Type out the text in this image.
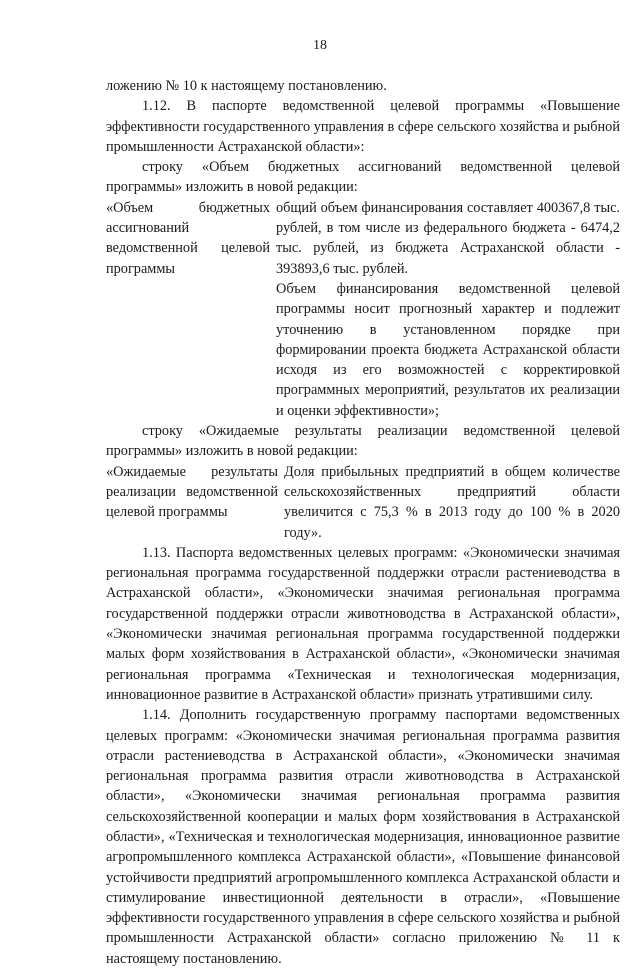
18

ложению № 10 к настоящему постановлению.

1.12. В паспорте ведомственной целевой программы «Повышение эффективности государственного управления в сфере сельского хозяйства и рыбной промышленности Астраханской области»:

строку «Объем бюджетных ассигнований ведомственной целевой программы» изложить в новой редакции:

«Объем бюджетных ассигнований ведомственной целевой программы

общий объем финансирования составляет 400367,8 тыс. рублей, в том числе из федерального бюджета - 6474,2 тыс. рублей, из бюджета Астраханской области - 393893,6 тыс. рублей.

Объем финансирования ведомственной целевой программы носит прогнозный характер и подлежит уточнению в установленном порядке при формировании проекта бюджета Астраханской области исходя из его возможностей с корректировкой программных мероприятий, результатов их реализации и оценки эффективности»;

строку «Ожидаемые результаты реализации ведомственной целевой программы» изложить в новой редакции:

«Ожидаемые результаты реализации ведомственной целевой программы
Доля прибыльных предприятий в общем количестве сельскохозяйственных предприятий области увеличится с 75,3 % в 2013 году до 100 % в 2020 году».

1.13. Паспорта ведомственных целевых программ: «Экономически значимая региональная программа государственной поддержки отрасли растениеводства в Астраханской области», «Экономически значимая региональная программа государственной поддержки отрасли животноводства в Астраханской области», «Экономически значимая региональная программа государственной поддержки малых форм хозяйствования в Астраханской области», «Экономически значимая региональная программа «Техническая и технологическая модернизация, инновационное развитие в Астраханской области» признать утратившими силу.

1.14. Дополнить государственную программу паспортами ведомственных целевых программ: «Экономически значимая региональная программа развития отрасли растениеводства в Астраханской области», «Экономически значимая региональная программа развития отрасли животноводства в Астраханской области», «Экономически значимая региональная программа развития сельскохозяйственной кооперации и малых форм хозяйствования в Астраханской области», «Техническая и технологическая модернизация, инновационное развитие агропромышленного комплекса Астраханской области», «Повышение финансовой устойчивости предприятий агропромышленного комплекса Астраханской области и стимулирование инвестиционной деятельности в отрасли», «Повышение эффективности государственного управления в сфере сельского хозяйства и рыбной промышленности Астраханской области» согласно приложению № 11 к настоящему постановлению.
